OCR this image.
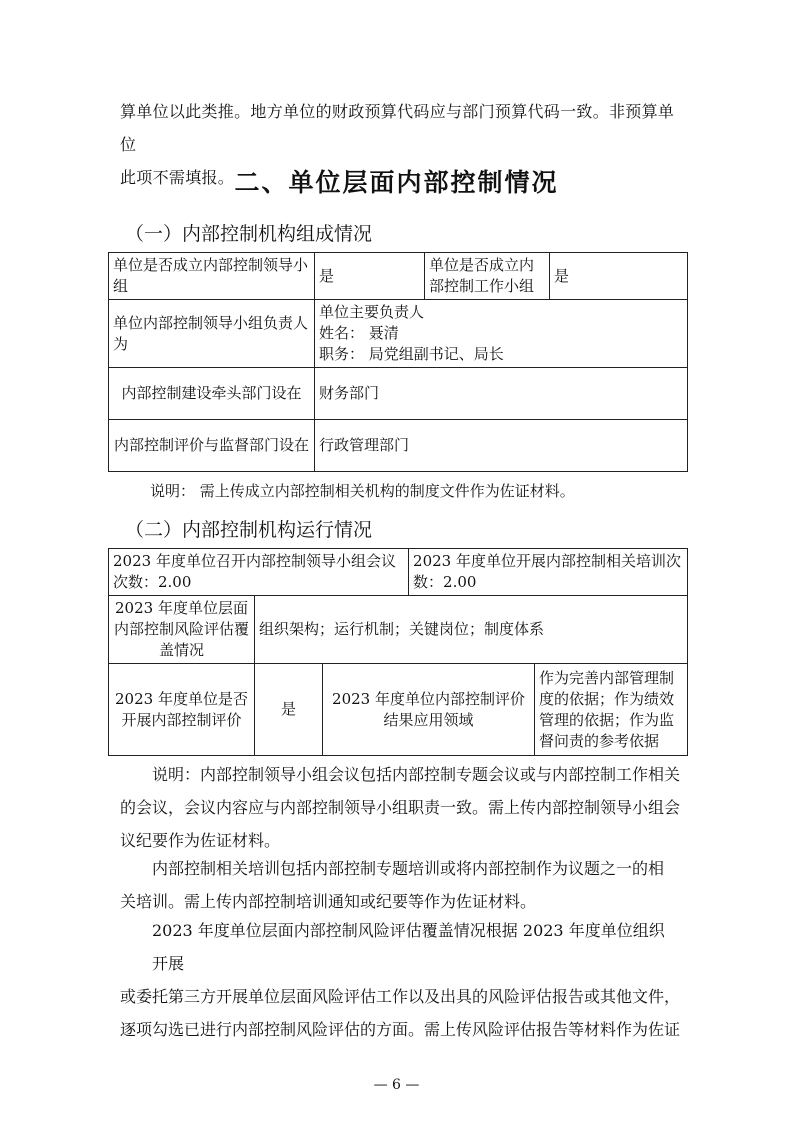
算单位以此类推。地方单位的财政预算代码应与部门预算代码一致。非预算单位
此项不需填报。 二、单位层面内部控制情况
（一）内部控制机构组成情况
单位是否成立内部控制领导小组	是	单位是否成立内部控制工作小组	是
单位内部控制领导小组负责人为	单位主要负责人
姓名： 聂清
职务： 局党组副书记、局长		

内部控制建设牵头部门设在	财务部门		
内部控制评价与监督部门设在	行政管理部门		
说明： 需上传成立内部控制相关机构的制度文件作为佐证材料。
（二）内部控制机构运行情况
2023 年度单位召开内部控制领导小组会议次数：2.00			2023 年度单位开展内部控制相关培训次数：2.00	
2023 年度单位层面内部控制风险评估覆盖情况	组织架构；运行机制；关键岗位；制度体系			
2023 年度单位是否开展内部控制评价	是	2023 年度单位内部控制评价结果应用领域		作为完善内部管理制度的依据；作为绩效管理的依据；作为监督问责的参考依据
说明：内部控制领导小组会议包括内部控制专题会议或与内部控制工作相关
的会议，会议内容应与内部控制领导小组职责一致。需上传内部控制领导小组会
议纪要作为佐证材料。
内部控制相关培训包括内部控制专题培训或将内部控制作为议题之一的相
关培训。需上传内部控制培训通知或纪要等作为佐证材料。
2023 年度单位层面内部控制风险评估覆盖情况根据 2023 年度单位组织开展
或委托第三方开展单位层面风险评估工作以及出具的风险评估报告或其他文件，
逐项勾选已进行内部控制风险评估的方面。需上传风险评估报告等材料作为佐证
— 6 —
